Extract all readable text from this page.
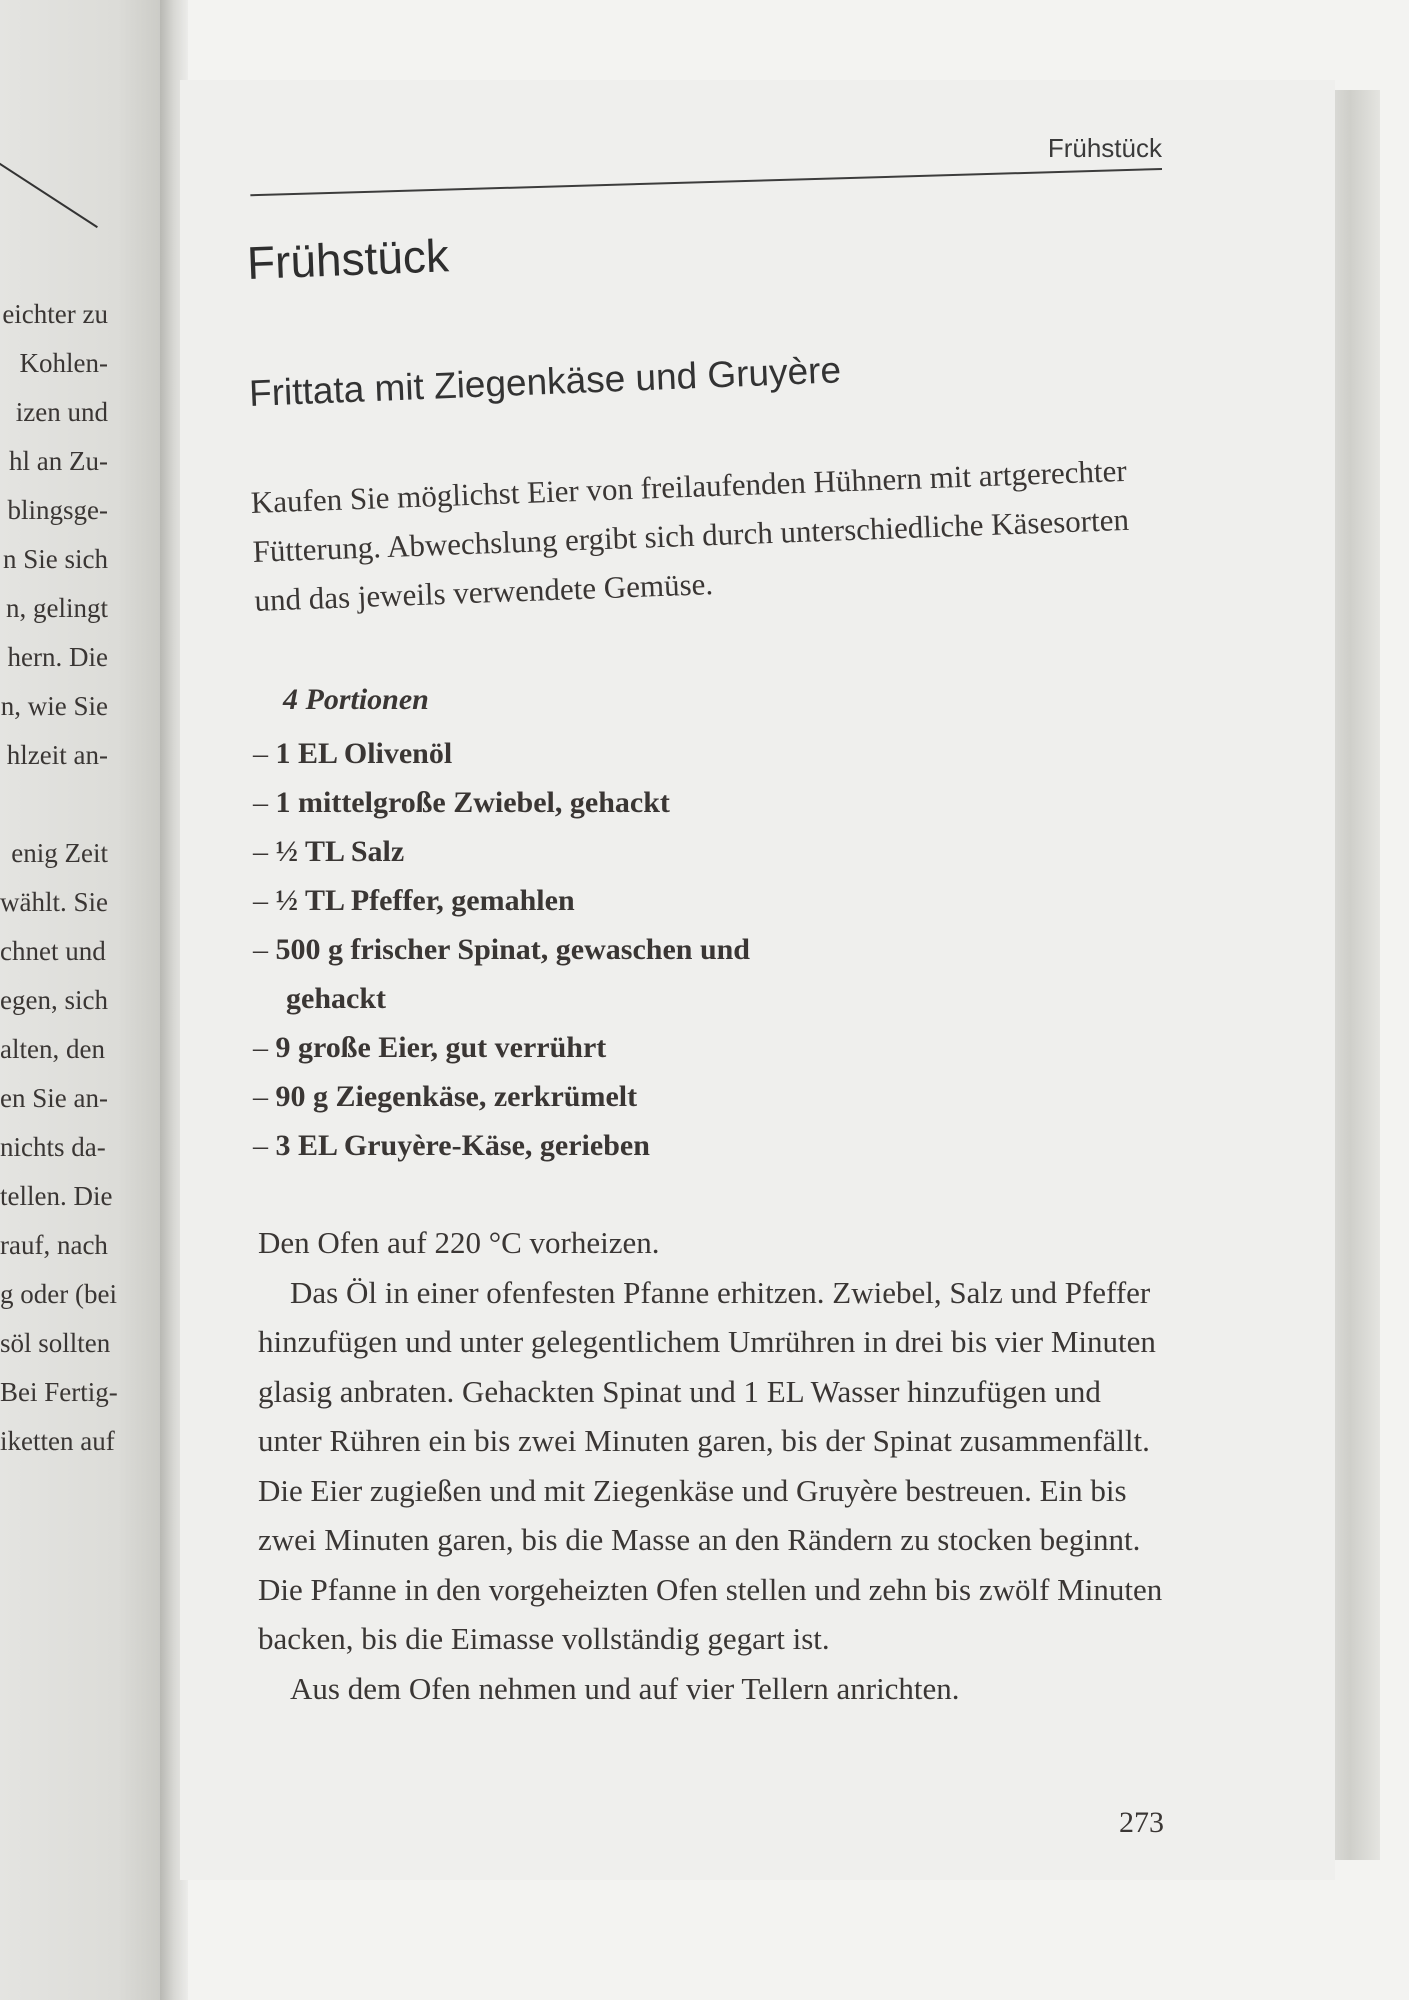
eichter zu
Kohlen-
izen und
hl an Zu-
blingsge-
n Sie sich
n, gelingt
hern. Die
n, wie Sie
hlzeit an-
enig Zeit
wählt. Sie
chnet und
egen, sich
alten, den
en Sie an-
nichts da-
tellen. Die
rauf, nach
g oder (bei
söl sollten
Bei Fertig-
iketten auf
Frühstück
Frühstück
Frittata mit Ziegenkäse und Gruyère

Kaufen Sie möglichst Eier von freilaufenden Hühnern mit artgerechter Fütterung. Abwechslung ergibt sich durch unterschiedliche Käsesorten und das jeweils verwendete Gemüse.

4 Portionen
– 1 EL Olivenöl
– 1 mittelgroße Zwiebel, gehackt
– ½ TL Salz
– ½ TL Pfeffer, gemahlen
– 500 g frischer Spinat, gewaschen und gehackt
– 9 große Eier, gut verrührt
– 90 g Ziegenkäse, zerkrümelt
– 3 EL Gruyère-Käse, gerieben

Den Ofen auf 220 °C vorheizen.

Das Öl in einer ofenfesten Pfanne erhitzen. Zwiebel, Salz und Pfeffer hinzufügen und unter gelegentlichem Umrühren in drei bis vier Minuten glasig anbraten. Gehackten Spinat und 1 EL Wasser hinzufügen und unter Rühren ein bis zwei Minuten garen, bis der Spinat zusammenfällt. Die Eier zugießen und mit Ziegenkäse und Gruyère bestreuen. Ein bis zwei Minuten garen, bis die Masse an den Rändern zu stocken beginnt. Die Pfanne in den vorgeheizten Ofen stellen und zehn bis zwölf Minuten backen, bis die Eimasse vollständig gegart ist.

Aus dem Ofen nehmen und auf vier Tellern anrichten.

273
